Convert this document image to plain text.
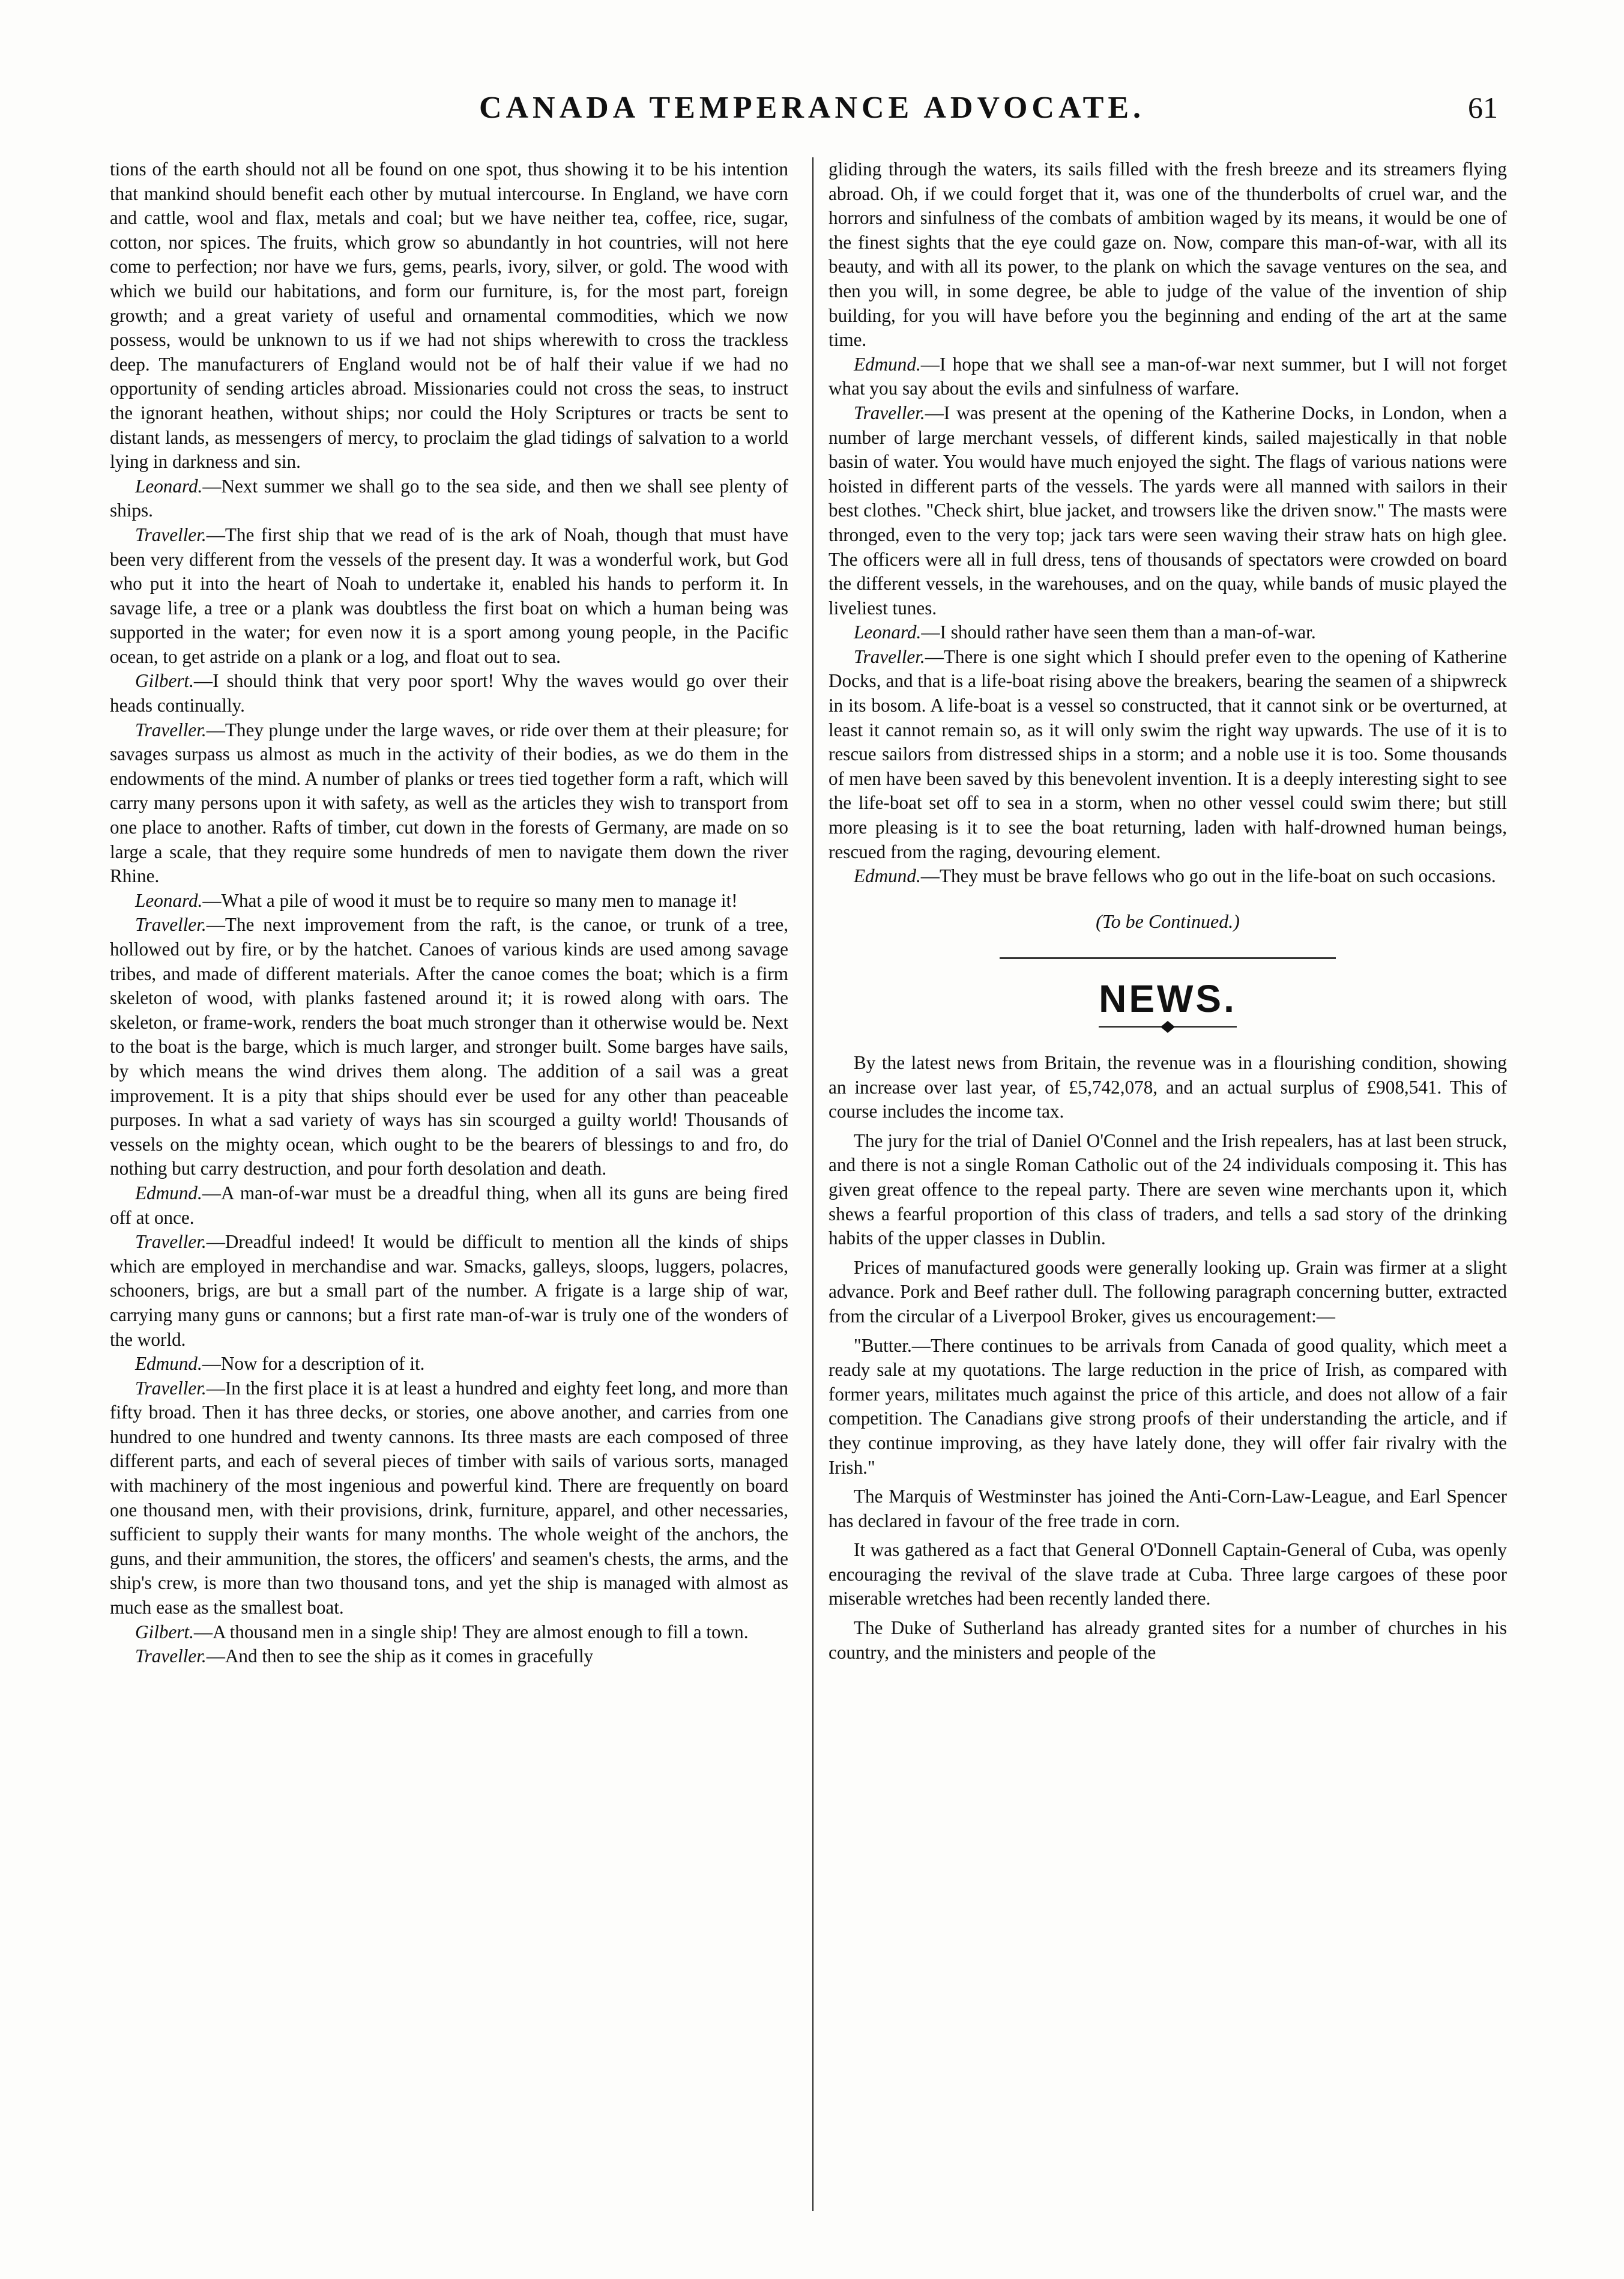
CANADA TEMPERANCE ADVOCATE.	61

tions of the earth should not all be found on one spot, thus showing it to be his intention that mankind should benefit each other by mutual intercourse. In England, we have corn and cattle, wool and flax, metals and coal; but we have neither tea, coffee, rice, sugar, cotton, nor spices. The fruits, which grow so abundantly in hot countries, will not here come to perfection; nor have we furs, gems, pearls, ivory, silver, or gold. The wood with which we build our habitations, and form our furniture, is, for the most part, foreign growth; and a great variety of useful and ornamental commodities, which we now possess, would be unknown to us if we had not ships wherewith to cross the trackless deep. The manufacturers of England would not be of half their value if we had no opportunity of sending articles abroad. Missionaries could not cross the seas, to instruct the ignorant heathen, without ships; nor could the Holy Scriptures or tracts be sent to distant lands, as messengers of mercy, to proclaim the glad tidings of salvation to a world lying in darkness and sin.

Leonard.—Next summer we shall go to the sea side, and then we shall see plenty of ships.

Traveller.—The first ship that we read of is the ark of Noah, though that must have been very different from the vessels of the present day. It was a wonderful work, but God who put it into the heart of Noah to undertake it, enabled his hands to perform it. In savage life, a tree or a plank was doubtless the first boat on which a human being was supported in the water; for even now it is a sport among young people, in the Pacific ocean, to get astride on a plank or a log, and float out to sea.

Gilbert.—I should think that very poor sport! Why the waves would go over their heads continually.

Traveller.—They plunge under the large waves, or ride over them at their pleasure; for savages surpass us almost as much in the activity of their bodies, as we do them in the endowments of the mind. A number of planks or trees tied together form a raft, which will carry many persons upon it with safety, as well as the articles they wish to transport from one place to another. Rafts of timber, cut down in the forests of Germany, are made on so large a scale, that they require some hundreds of men to navigate them down the river Rhine.

Leonard.—What a pile of wood it must be to require so many men to manage it!

Traveller.—The next improvement from the raft, is the canoe, or trunk of a tree, hollowed out by fire, or by the hatchet. Canoes of various kinds are used among savage tribes, and made of different materials. After the canoe comes the boat; which is a firm skeleton of wood, with planks fastened around it; it is rowed along with oars. The skeleton, or frame-work, renders the boat much stronger than it otherwise would be. Next to the boat is the barge, which is much larger, and stronger built. Some barges have sails, by which means the wind drives them along. The addition of a sail was a great improvement. It is a pity that ships should ever be used for any other than peaceable purposes. In what a sad variety of ways has sin scourged a guilty world! Thousands of vessels on the mighty ocean, which ought to be the bearers of blessings to and fro, do nothing but carry destruction, and pour forth desolation and death.

Edmund.—A man-of-war must be a dreadful thing, when all its guns are being fired off at once.

Traveller.—Dreadful indeed! It would be difficult to mention all the kinds of ships which are employed in merchandise and war. Smacks, galleys, sloops, luggers, polacres, schooners, brigs, are but a small part of the number. A frigate is a large ship of war, carrying many guns or cannons; but a first rate man-of-war is truly one of the wonders of the world.

Edmund.—Now for a description of it.

Traveller.—In the first place it is at least a hundred and eighty feet long, and more than fifty broad. Then it has three decks, or stories, one above another, and carries from one hundred to one hundred and twenty cannons. Its three masts are each composed of three different parts, and each of several pieces of timber with sails of various sorts, managed with machinery of the most ingenious and powerful kind. There are frequently on board one thousand men, with their provisions, drink, furniture, apparel, and other necessaries, sufficient to supply their wants for many months. The whole weight of the anchors, the guns, and their ammunition, the stores, the officers' and seamen's chests, the arms, and the ship's crew, is more than two thousand tons, and yet the ship is managed with almost as much ease as the smallest boat.

Gilbert.—A thousand men in a single ship! They are almost enough to fill a town.

Traveller.—And then to see the ship as it comes in gracefully

gliding through the waters, its sails filled with the fresh breeze and its streamers flying abroad. Oh, if we could forget that it, was one of the thunderbolts of cruel war, and the horrors and sinfulness of the combats of ambition waged by its means, it would be one of the finest sights that the eye could gaze on. Now, compare this man-of-war, with all its beauty, and with all its power, to the plank on which the savage ventures on the sea, and then you will, in some degree, be able to judge of the value of the invention of ship building, for you will have before you the beginning and ending of the art at the same time.

Edmund.—I hope that we shall see a man-of-war next summer, but I will not forget what you say about the evils and sinfulness of warfare.

Traveller.—I was present at the opening of the Katherine Docks, in London, when a number of large merchant vessels, of different kinds, sailed majestically in that noble basin of water. You would have much enjoyed the sight. The flags of various nations were hoisted in different parts of the vessels. The yards were all manned with sailors in their best clothes. "Check shirt, blue jacket, and trowsers like the driven snow." The masts were thronged, even to the very top; jack tars were seen waving their straw hats on high glee. The officers were all in full dress, tens of thousands of spectators were crowded on board the different vessels, in the warehouses, and on the quay, while bands of music played the liveliest tunes.

Leonard.—I should rather have seen them than a man-of-war.

Traveller.—There is one sight which I should prefer even to the opening of Katherine Docks, and that is a life-boat rising above the breakers, bearing the seamen of a shipwreck in its bosom. A life-boat is a vessel so constructed, that it cannot sink or be overturned, at least it cannot remain so, as it will only swim the right way upwards. The use of it is to rescue sailors from distressed ships in a storm; and a noble use it is too. Some thousands of men have been saved by this benevolent invention. It is a deeply interesting sight to see the life-boat set off to sea in a storm, when no other vessel could swim there; but still more pleasing is it to see the boat returning, laden with half-drowned human beings, rescued from the raging, devouring element.

Edmund.—They must be brave fellows who go out in the life-boat on such occasions.

(To be Continued.)

NEWS.

By the latest news from Britain, the revenue was in a flourishing condition, showing an increase over last year, of £5,742,078, and an actual surplus of £908,541. This of course includes the income tax.

The jury for the trial of Daniel O'Connel and the Irish repealers, has at last been struck, and there is not a single Roman Catholic out of the 24 individuals composing it. This has given great offence to the repeal party. There are seven wine merchants upon it, which shews a fearful proportion of this class of traders, and tells a sad story of the drinking habits of the upper classes in Dublin.

Prices of manufactured goods were generally looking up. Grain was firmer at a slight advance. Pork and Beef rather dull. The following paragraph concerning butter, extracted from the circular of a Liverpool Broker, gives us encouragement:—

"Butter.—There continues to be arrivals from Canada of good quality, which meet a ready sale at my quotations. The large reduction in the price of Irish, as compared with former years, militates much against the price of this article, and does not allow of a fair competition. The Canadians give strong proofs of their understanding the article, and if they continue improving, as they have lately done, they will offer fair rivalry with the Irish."

The Marquis of Westminster has joined the Anti-Corn-Law-League, and Earl Spencer has declared in favour of the free trade in corn.

It was gathered as a fact that General O'Donnell Captain-General of Cuba, was openly encouraging the revival of the slave trade at Cuba. Three large cargoes of these poor miserable wretches had been recently landed there.

The Duke of Sutherland has already granted sites for a number of churches in his country, and the ministers and people of the
